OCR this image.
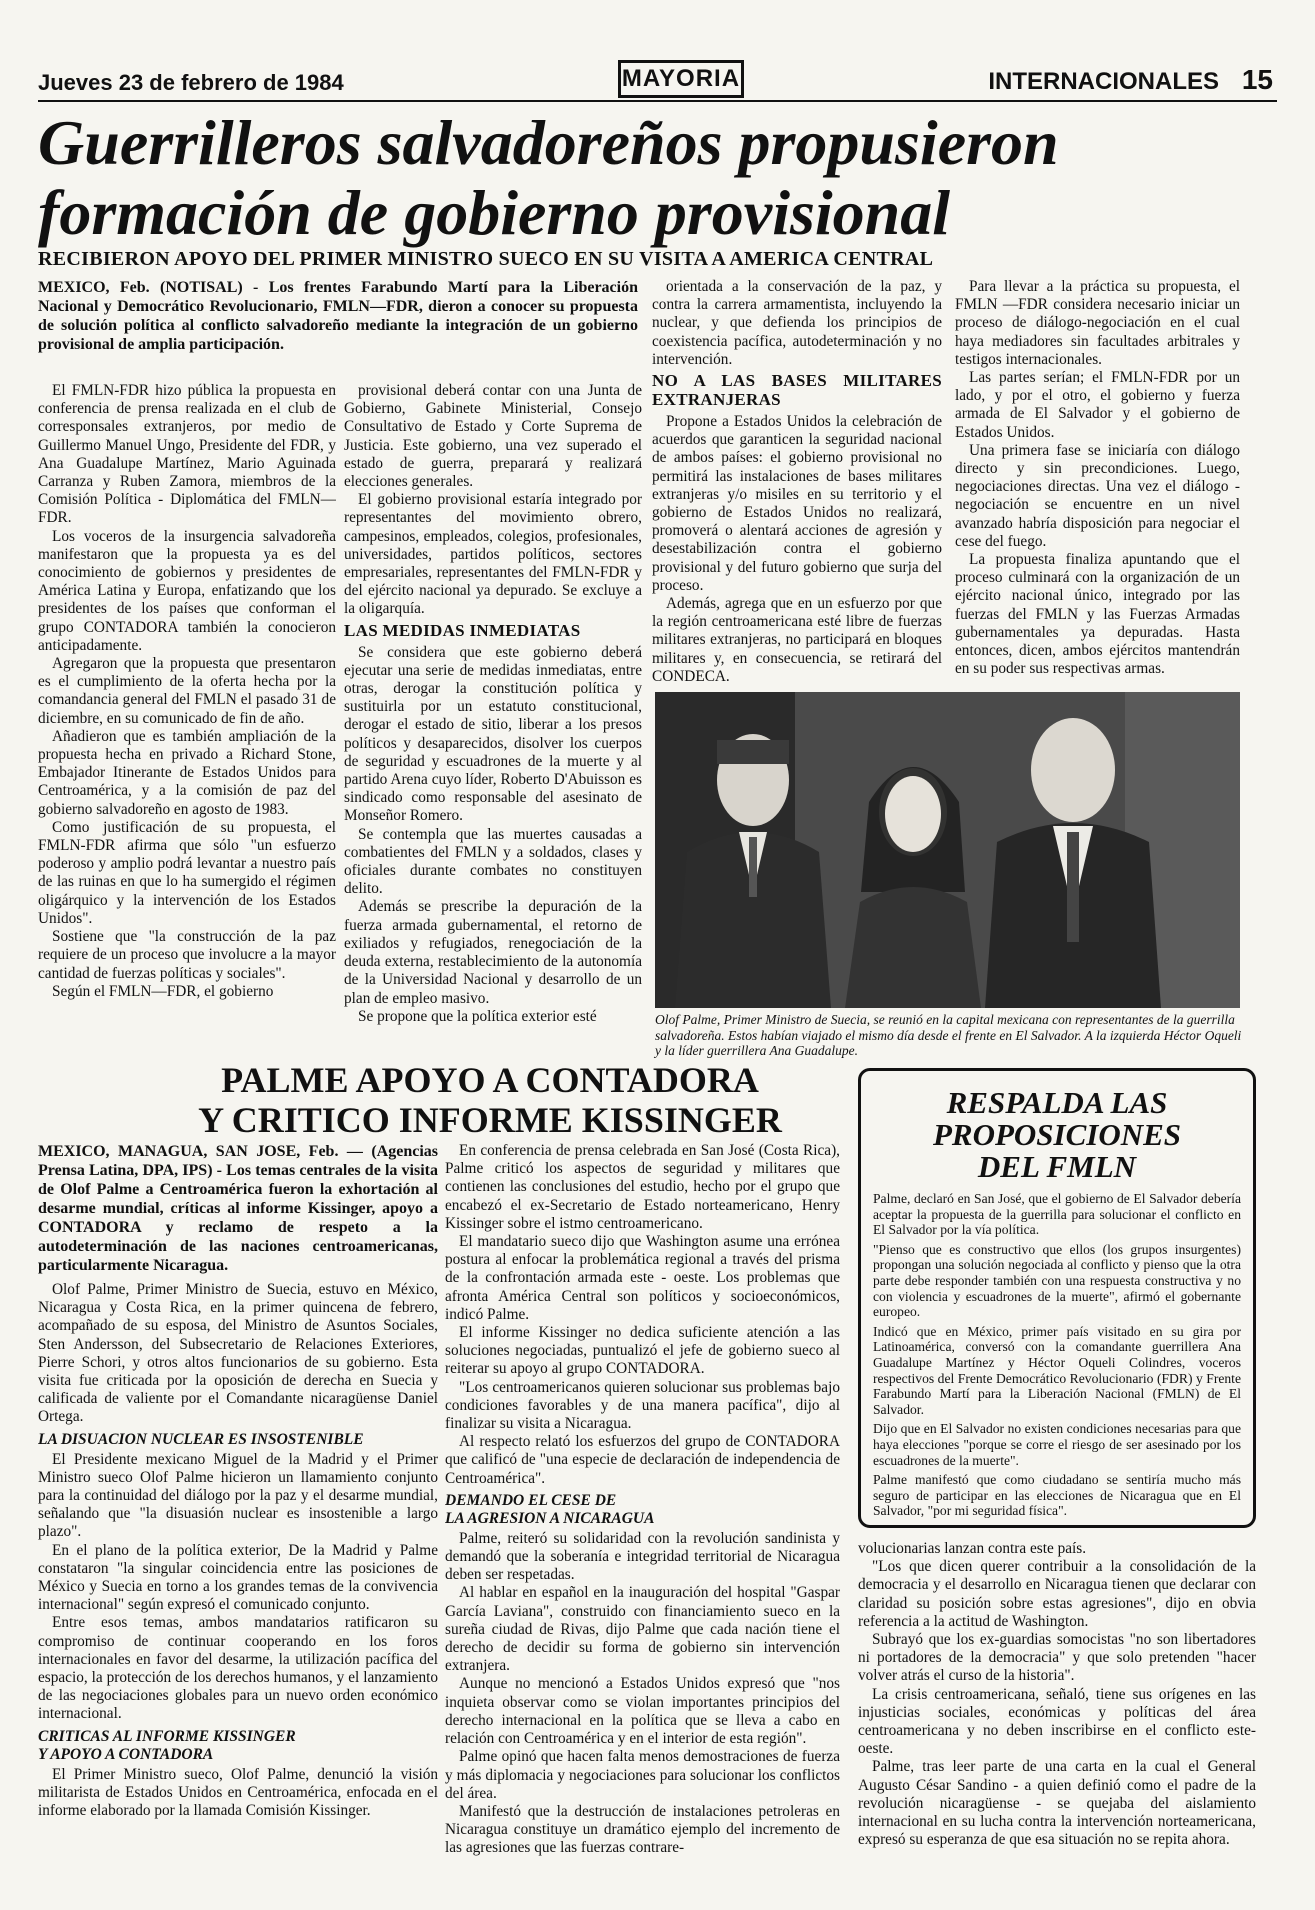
Jueves 23 de febrero de 1984	MAYORIA	INTERNACIONALES 15
Guerrilleros salvadoreños propusieron
formación de gobierno provisional
RECIBIERON APOYO DEL PRIMER MINISTRO SUECO EN SU VISITA A AMERICA CENTRAL

MEXICO, Feb. (NOTISAL) - Los frentes Farabundo Martí para la Liberación Nacional y Democrático Revolucionario, FMLN—FDR, dieron a conocer su propuesta de solución política al conflicto salvadoreño mediante la integración de un gobierno provisional de amplia participación.

El FMLN-FDR hizo pública la propuesta en conferencia de prensa realizada en el club de corresponsales extranjeros, por medio de Guillermo Manuel Ungo, Presidente del FDR, y Ana Guadalupe Martínez, Mario Aguinada Carranza y Ruben Zamora, miembros de la Comisión Política - Diplomática del FMLN—FDR.

Los voceros de la insurgencia salvadoreña manifestaron que la propuesta ya es del conocimiento de gobiernos y presidentes de América Latina y Europa, enfatizando que los presidentes de los países que conforman el grupo CONTADORA también la conocieron anticipadamente.

Agregaron que la propuesta que presentaron es el cumplimiento de la oferta hecha por la comandancia general del FMLN el pasado 31 de diciembre, en su comunicado de fin de año.

Añadieron que es también ampliación de la propuesta hecha en privado a Richard Stone, Embajador Itinerante de Estados Unidos para Centroamérica, y a la comisión de paz del gobierno salvadoreño en agosto de 1983.

Como justificación de su propuesta, el FMLN-FDR afirma que sólo "un esfuerzo poderoso y amplio podrá levantar a nuestro país de las ruinas en que lo ha sumergido el régimen oligárquico y la intervención de los Estados Unidos".

Sostiene que "la construcción de la paz requiere de un proceso que involucre a la mayor cantidad de fuerzas políticas y sociales".

Según el FMLN—FDR, el gobierno

provisional deberá contar con una Junta de Gobierno, Gabinete Ministerial, Consejo Consultativo de Estado y Corte Suprema de Justicia. Este gobierno, una vez superado el estado de guerra, preparará y realizará elecciones generales.

El gobierno provisional estaría integrado por representantes del movimiento obrero, campesinos, empleados, colegios, profesionales, universidades, partidos políticos, sectores empresariales, representantes del FMLN-FDR y del ejército nacional ya depurado. Se excluye a la oligarquía.

LAS MEDIDAS INMEDIATAS

Se considera que este gobierno deberá ejecutar una serie de medidas inmediatas, entre otras, derogar la constitución política y sustituirla por un estatuto constitucional, derogar el estado de sitio, liberar a los presos políticos y desaparecidos, disolver los cuerpos de seguridad y escuadrones de la muerte y al partido Arena cuyo líder, Roberto D'Abuisson es sindicado como responsable del asesinato de Monseñor Romero.

Se contempla que las muertes causadas a combatientes del FMLN y a soldados, clases y oficiales durante combates no constituyen delito.

Además se prescribe la depuración de la fuerza armada gubernamental, el retorno de exiliados y refugiados, renegociación de la deuda externa, restablecimiento de la autonomía de la Universidad Nacional y desarrollo de un plan de empleo masivo.

Se propone que la política exterior esté

orientada a la conservación de la paz, y contra la carrera armamentista, incluyendo la nuclear, y que defienda los principios de coexistencia pacífica, autodeterminación y no intervención.

NO A LAS BASES MILITARES EXTRANJERAS

Propone a Estados Unidos la celebración de acuerdos que garanticen la seguridad nacional de ambos países: el gobierno provisional no permitirá las instalaciones de bases militares extranjeras y/o misiles en su territorio y el gobierno de Estados Unidos no realizará, promoverá o alentará acciones de agresión y desestabilización contra el gobierno provisional y del futuro gobierno que surja del proceso.

Además, agrega que en un esfuerzo por que la región centroamericana esté libre de fuerzas militares extranjeras, no participará en bloques militares y, en consecuencia, se retirará del CONDECA.

Para llevar a la práctica su propuesta, el FMLN —FDR considera necesario iniciar un proceso de diálogo-negociación en el cual haya mediadores sin facultades arbitrales y testigos internacionales.

Las partes serían; el FMLN-FDR por un lado, y por el otro, el gobierno y fuerza armada de El Salvador y el gobierno de Estados Unidos.

Una primera fase se iniciaría con diálogo directo y sin precondiciones. Luego, negociaciones directas. Una vez el diálogo - negociación se encuentre en un nivel avanzado habría disposición para negociar el cese del fuego.

La propuesta finaliza apuntando que el proceso culminará con la organización de un ejército nacional único, integrado por las fuerzas del FMLN y las Fuerzas Armadas gubernamentales ya depuradas. Hasta entonces, dicen, ambos ejércitos mantendrán en su poder sus respectivas armas.

Olof Palme, Primer Ministro de Suecia, se reunió en la capital mexicana con representantes de la guerrilla salvadoreña. Estos habían viajado el mismo día desde el frente en El Salvador. A la izquierda Héctor Oqueli y la líder guerrillera Ana Guadalupe.
PALME APOYO A CONTADORA
Y CRITICO INFORME KISSINGER
MEXICO, MANAGUA, SAN JOSE, Feb. — (Agencias Prensa Latina, DPA, IPS) - Los temas centrales de la visita de Olof Palme a Centroamérica fueron la exhortación al desarme mundial, críticas al informe Kissinger, apoyo a CONTADORA y reclamo de respeto a la autodeterminación de las naciones centroamericanas, particularmente Nicaragua.

Olof Palme, Primer Ministro de Suecia, estuvo en México, Nicaragua y Costa Rica, en la primer quincena de febrero, acompañado de su esposa, del Ministro de Asuntos Sociales, Sten Andersson, del Subsecretario de Relaciones Exteriores, Pierre Schori, y otros altos funcionarios de su gobierno. Esta visita fue criticada por la oposición de derecha en Suecia y calificada de valiente por el Comandante nicaragüense Daniel Ortega.

LA DISUACION NUCLEAR ES INSOSTENIBLE

El Presidente mexicano Miguel de la Madrid y el Primer Ministro sueco Olof Palme hicieron un llamamiento conjunto para la continuidad del diálogo por la paz y el desarme mundial, señalando que "la disuasión nuclear es insostenible a largo plazo".

En el plano de la política exterior, De la Madrid y Palme constataron "la singular coincidencia entre las posiciones de México y Suecia en torno a los grandes temas de la convivencia internacional" según expresó el comunicado conjunto.

Entre esos temas, ambos mandatarios ratificaron su compromiso de continuar cooperando en los foros internacionales en favor del desarme, la utilización pacífica del espacio, la protección de los derechos humanos, y el lanzamiento de las negociaciones globales para un nuevo orden económico internacional.

CRITICAS AL INFORME KISSINGER
Y APOYO A CONTADORA

El Primer Ministro sueco, Olof Palme, denunció la visión militarista de Estados Unidos en Centroamérica, enfocada en el informe elaborado por la llamada Comisión Kissinger.

En conferencia de prensa celebrada en San José (Costa Rica), Palme criticó los aspectos de seguridad y militares que contienen las conclusiones del estudio, hecho por el grupo que encabezó el ex-Secretario de Estado norteamericano, Henry Kissinger sobre el istmo centroamericano.

El mandatario sueco dijo que Washington asume una errónea postura al enfocar la problemática regional a través del prisma de la confrontación armada este - oeste. Los problemas que afronta América Central son políticos y socioeconómicos, indicó Palme.

El informe Kissinger no dedica suficiente atención a las soluciones negociadas, puntualizó el jefe de gobierno sueco al reiterar su apoyo al grupo CONTADORA.

"Los centroamericanos quieren solucionar sus problemas bajo condiciones favorables y de una manera pacífica", dijo al finalizar su visita a Nicaragua.

Al respecto relató los esfuerzos del grupo de CONTADORA que calificó de "una especie de declaración de independencia de Centroamérica".

DEMANDO EL CESE DE
LA AGRESION A NICARAGUA

Palme, reiteró su solidaridad con la revolución sandinista y demandó que la soberanía e integridad territorial de Nicaragua deben ser respetadas.

Al hablar en español en la inauguración del hospital "Gaspar García Laviana", construido con financiamiento sueco en la sureña ciudad de Rivas, dijo Palme que cada nación tiene el derecho de decidir su forma de gobierno sin intervención extranjera.

Aunque no mencionó a Estados Unidos expresó que "nos inquieta observar como se violan importantes principios del derecho internacional en la política que se lleva a cabo en relación con Centroamérica y en el interior de esta región".

Palme opinó que hacen falta menos demostraciones de fuerza y más diplomacia y negociaciones para solucionar los conflictos del área.

Manifestó que la destrucción de instalaciones petroleras en Nicaragua constituye un dramático ejemplo del incremento de las agresiones que las fuerzas contrare-

RESPALDA LAS
PROPOSICIONES
DEL FMLN

Palme, declaró en San José, que el gobierno de El Salvador debería aceptar la propuesta de la guerrilla para solucionar el conflicto en El Salvador por la vía política.

"Pienso que es constructivo que ellos (los grupos insurgentes) propongan una solución negociada al conflicto y pienso que la otra parte debe responder también con una respuesta constructiva y no con violencia y escuadrones de la muerte", afirmó el gobernante europeo.

Indicó que en México, primer país visitado en su gira por Latinoamérica, conversó con la comandante guerrillera Ana Guadalupe Martínez y Héctor Oqueli Colindres, voceros respectivos del Frente Democrático Revolucionario (FDR) y Frente Farabundo Martí para la Liberación Nacional (FMLN) de El Salvador.

Dijo que en El Salvador no existen condiciones necesarias para que haya elecciones "porque se corre el riesgo de ser asesinado por los escuadrones de la muerte".

Palme manifestó que como ciudadano se sentiría mucho más seguro de participar en las elecciones de Nicaragua que en El Salvador, "por mi seguridad física".

volucionarias lanzan contra este país.

"Los que dicen querer contribuir a la consolidación de la democracia y el desarrollo en Nicaragua tienen que declarar con claridad su posición sobre estas agresiones", dijo en obvia referencia a la actitud de Washington.

Subrayó que los ex-guardias somocistas "no son libertadores ni portadores de la democracia" y que solo pretenden "hacer volver atrás el curso de la historia".

La crisis centroamericana, señaló, tiene sus orígenes en las injusticias sociales, económicas y políticas del área centroamericana y no deben inscribirse en el conflicto este-oeste.

Palme, tras leer parte de una carta en la cual el General Augusto César Sandino - a quien definió como el padre de la revolución nicaragüense - se quejaba del aislamiento internacional en su lucha contra la intervención norteamericana, expresó su esperanza de que esa situación no se repita ahora.
